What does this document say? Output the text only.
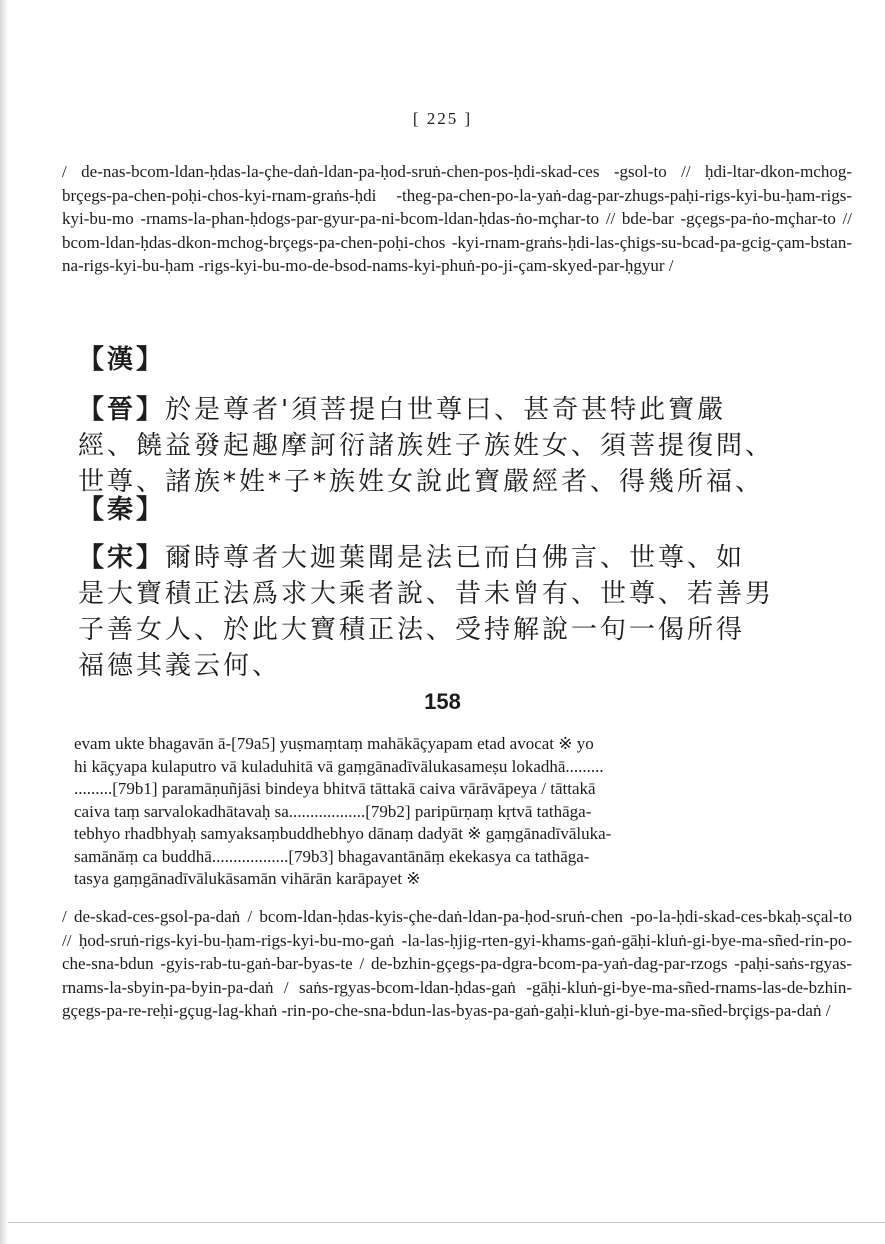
[ 225 ]

/ de-nas-bcom-ldan-ḥdas-la-çhe-daṅ-ldan-pa-ḥod-sruṅ-chen-pos-ḥdi-skad-ces -gsol-to // ḥdi-ltar-dkon-mchog-brçegs-pa-chen-poḥi-chos-kyi-rnam-graṅs-ḥdi -theg-pa-chen-po-la-yaṅ-dag-par-zhugs-paḥi-rigs-kyi-bu-ḥam-rigs-kyi-bu-mo -rnams-la-phan-ḥdogs-par-gyur-pa-ni-bcom-ldan-ḥdas-ṅo-mçhar-to // bde-bar -gçegs-pa-ṅo-mçhar-to // bcom-ldan-ḥdas-dkon-mchog-brçegs-pa-chen-poḥi-chos -kyi-rnam-graṅs-ḥdi-las-çhigs-su-bcad-pa-gcig-çam-bstan-na-rigs-kyi-bu-ḥam -rigs-kyi-bu-mo-de-bsod-nams-kyi-phuṅ-po-ji-çam-skyed-par-ḥgyur /

【漢】
【晉】於是尊者'須菩提白世尊曰、甚奇甚特此寶嚴
經、饒益發起趣摩訶衍諸族姓子族姓女、須菩提復問、
世尊、諸族*姓*子*族姓女說此寶嚴經者、得幾所福、
【秦】
【宋】爾時尊者大迦葉聞是法已而白佛言、世尊、如
是大寶積正法爲求大乘者說、昔未曾有、世尊、若善男
子善女人、於此大寶積正法、受持解說一句一偈所得
福德其義云何、
158
evam ukte bhagavān ā-[79a5] yuṣmaṃtaṃ mahākāçyapam etad avocat ※ yo
hi kāçyapa kulaputro vā kuladuhitā vā gaṃgānadīvālukasameṣu lokadhā.........
.........[79b1] paramāṇuñjāsi bindeya bhitvā tāttakā caiva vārāvāpeya / tāttakā
caiva taṃ sarvalokadhātavaḥ sa..................[79b2] paripūrṇaṃ kṛtvā tathāga-
tebhyo rhadbhyaḥ samyaksaṃbuddhebhyo dānaṃ dadyāt ※ gaṃgānadīvāluka-
samānāṃ ca buddhā..................[79b3] bhagavantānāṃ ekekasya ca tathāga-
tasya gaṃgānadīvālukāsamān vihārān karāpayet ※

/ de-skad-ces-gsol-pa-daṅ / bcom-ldan-ḥdas-kyis-çhe-daṅ-ldan-pa-ḥod-sruṅ-chen -po-la-ḥdi-skad-ces-bkaḥ-sçal-to // ḥod-sruṅ-rigs-kyi-bu-ḥam-rigs-kyi-bu-mo-gaṅ -la-las-ḥjig-rten-gyi-khams-gaṅ-gāḥi-kluṅ-gi-bye-ma-sñed-rin-po-che-sna-bdun -gyis-rab-tu-gaṅ-bar-byas-te / de-bzhin-gçegs-pa-dgra-bcom-pa-yaṅ-dag-par-rzogs -paḥi-saṅs-rgyas-rnams-la-sbyin-pa-byin-pa-daṅ / saṅs-rgyas-bcom-ldan-ḥdas-gaṅ -gāḥi-kluṅ-gi-bye-ma-sñed-rnams-las-de-bzhin-gçegs-pa-re-reḥi-gçug-lag-khaṅ -rin-po-che-sna-bdun-las-byas-pa-gaṅ-gaḥi-kluṅ-gi-bye-ma-sñed-brçigs-pa-daṅ /
